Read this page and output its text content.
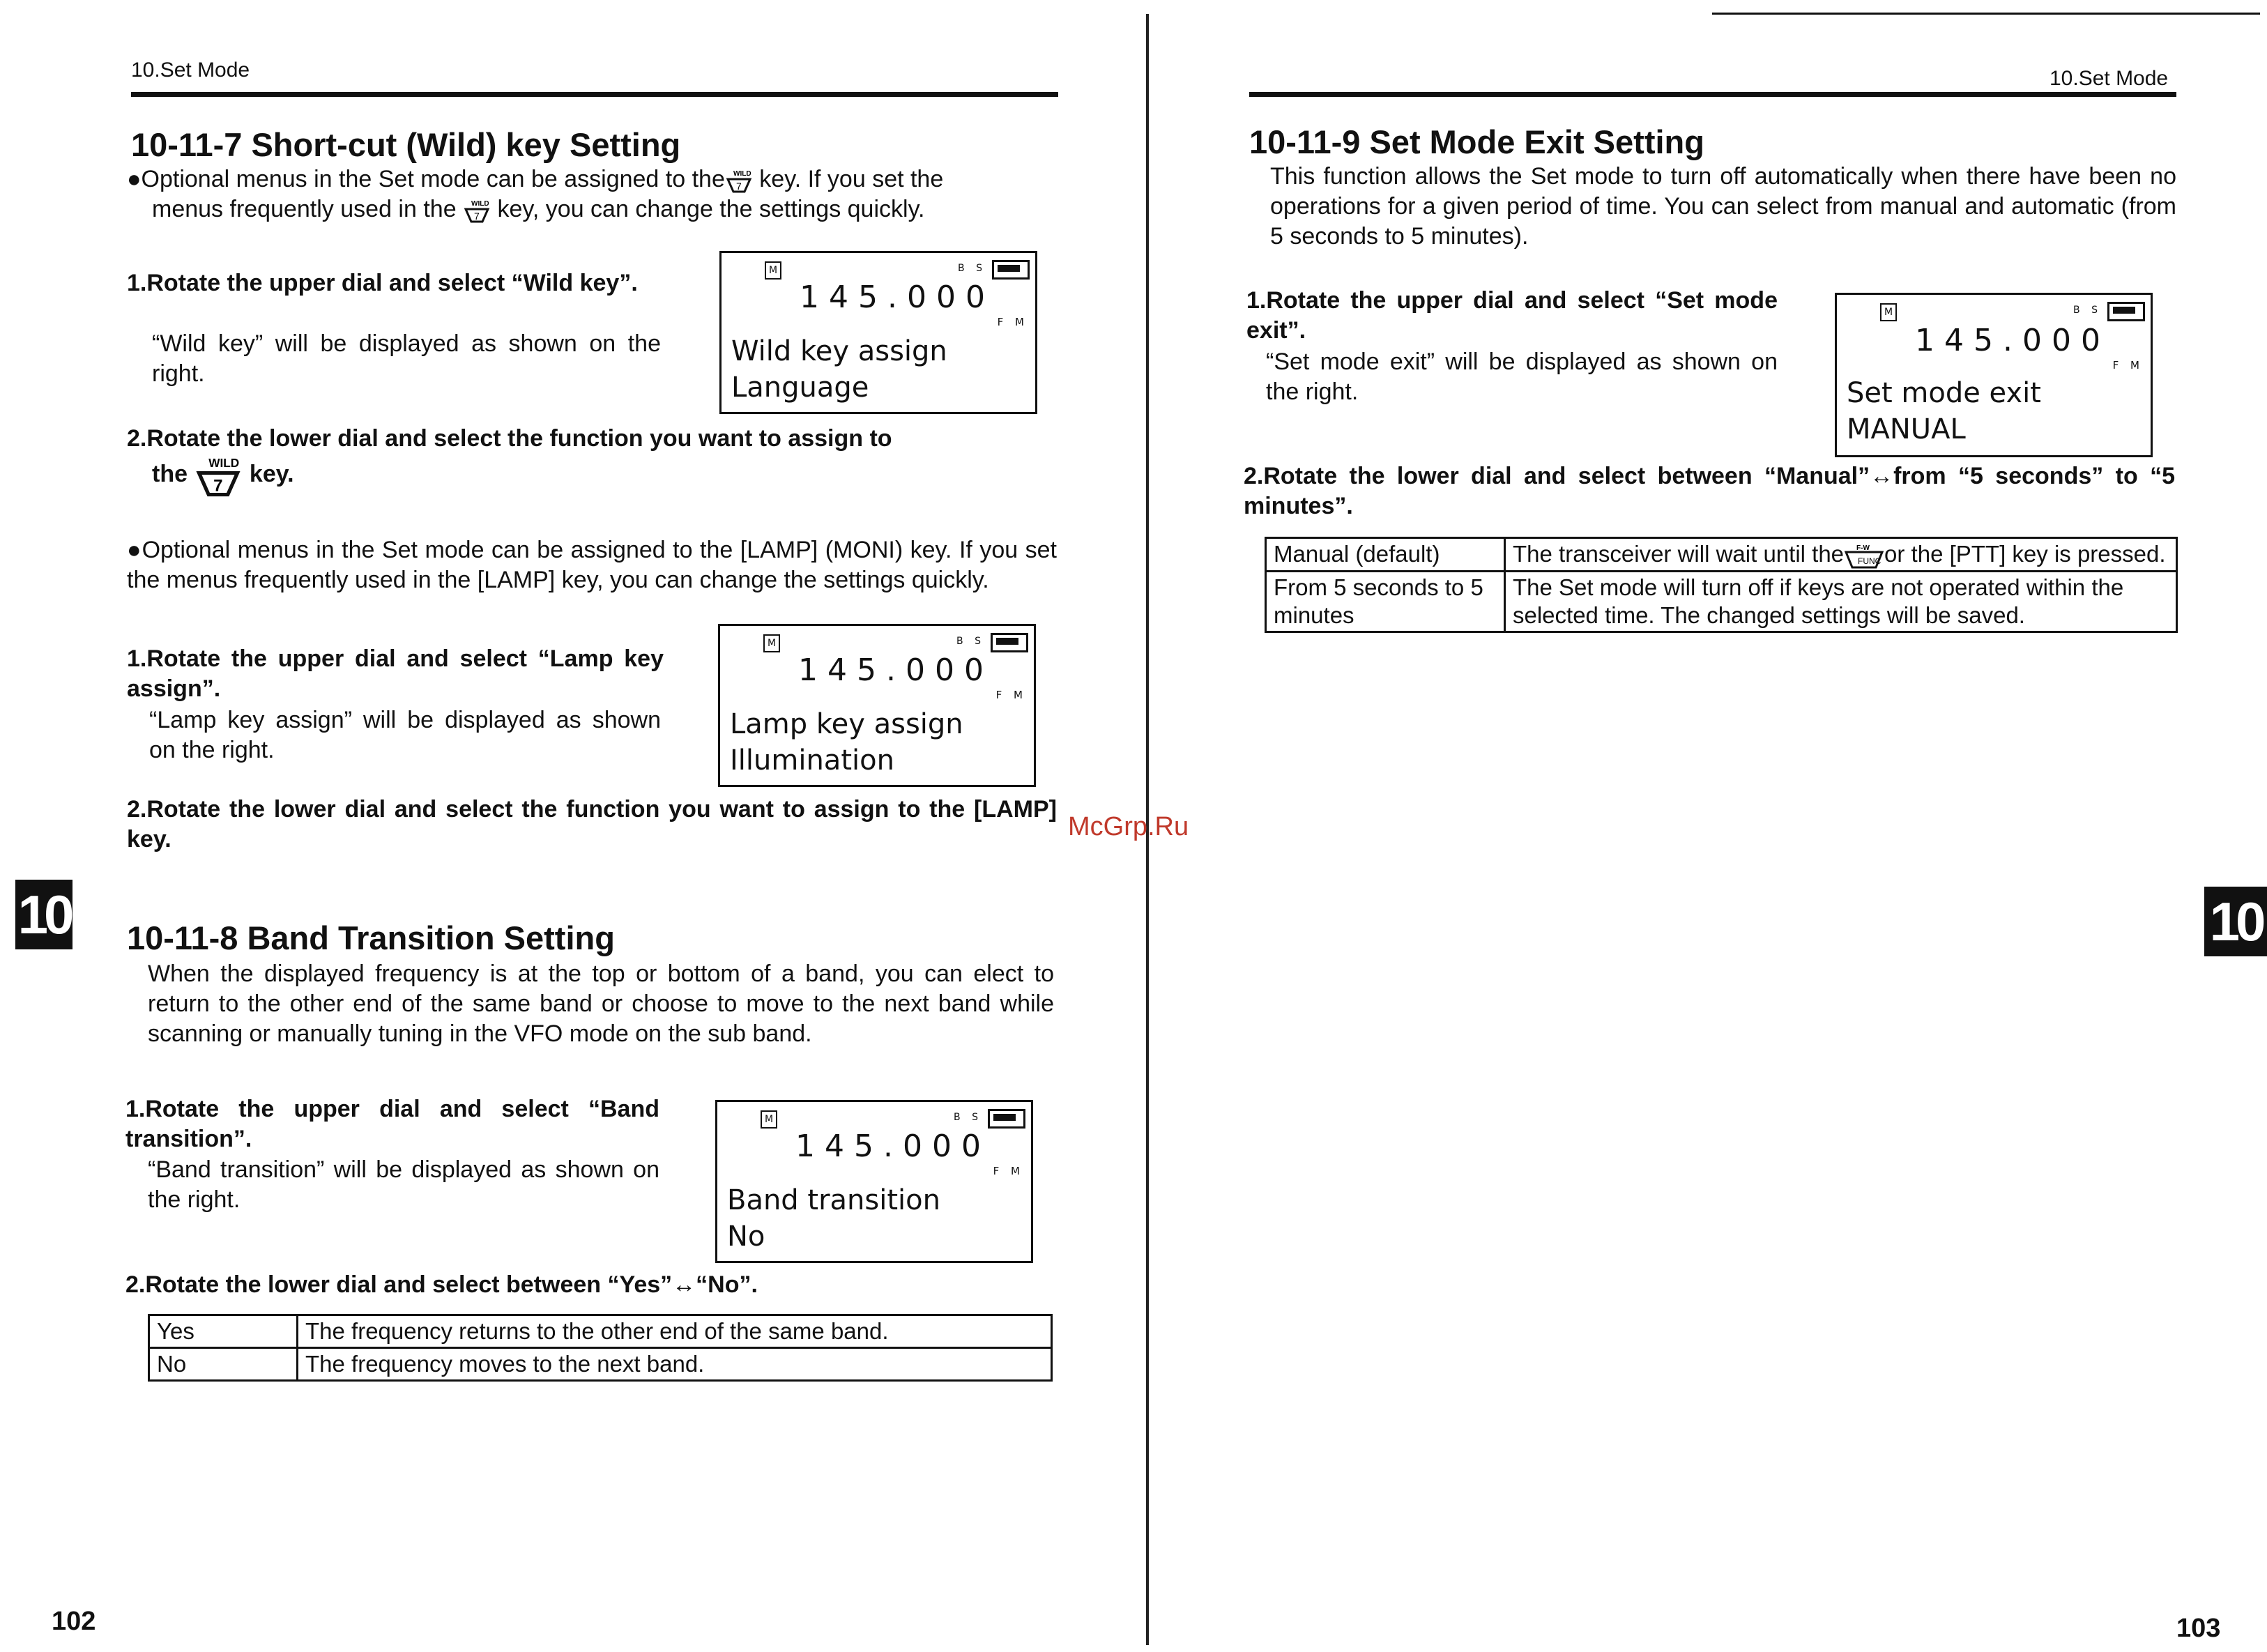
10.Set Mode
10-11-7 Short-cut (Wild) key Setting
●Optional menus in the Set mode can be assigned to the WILD
7 key. If you set the
menus frequently used in the WILD
7 key, you can change the settings quickly.
1.Rotate the upper dial and select “Wild key”.
“Wild key” will be displayed as shown on the right.
M	B S
145.000
F M
Wild key assign
Language
2.Rotate the lower dial and select the function you want to assign to
the	WILD
7 key.
●Optional menus in the Set mode can be assigned to the [LAMP] (MONI) key. If you set the menus frequently used in the [LAMP] key, you can change the settings quickly.
1.Rotate the upper dial and select “Lamp key assign”.
“Lamp key assign” will be displayed as shown on the right.
M	B S
145.000
F M
Lamp key assign
Illumination
2.Rotate the lower dial and select the function you want to assign to the [LAMP] key.
10-11-8 Band Transition Setting
When the displayed frequency is at the top or bottom of a band, you can elect to return to the other end of the same band or choose to move to the next band while scanning or manually tuning in the VFO mode on the sub band.
1.Rotate the upper dial and select “Band transition”.
“Band transition” will be displayed as shown on the right.
M	B S
145.000
F M
Band transition
No
2.Rotate the lower dial and select between “Yes”↔“No”.
Yes	The frequency returns to the other end of the same band.
No	The frequency moves to the next band.
10
102
McGrp.Ru
10.Set Mode
10-11-9 Set Mode Exit Setting
This function allows the Set mode to turn off automatically when there have been no operations for a given period of time. You can select from manual and automatic (from 5 seconds to 5 minutes).
1.Rotate the upper dial and select “Set mode exit”.
“Set mode exit” will be displayed as shown on the right.
M	B S
145.000
F M
Set mode exit
MANUAL
2.Rotate the lower dial and select between “Manual”↔from “5 seconds” to “5 minutes”.
Manual (default)	The transceiver will wait until the F-W
FUNC or the [PTT] key is pressed.
From 5 seconds to 5 minutes	The Set mode will turn off if keys are not operated within the selected time. The changed settings will be saved.
10
103
